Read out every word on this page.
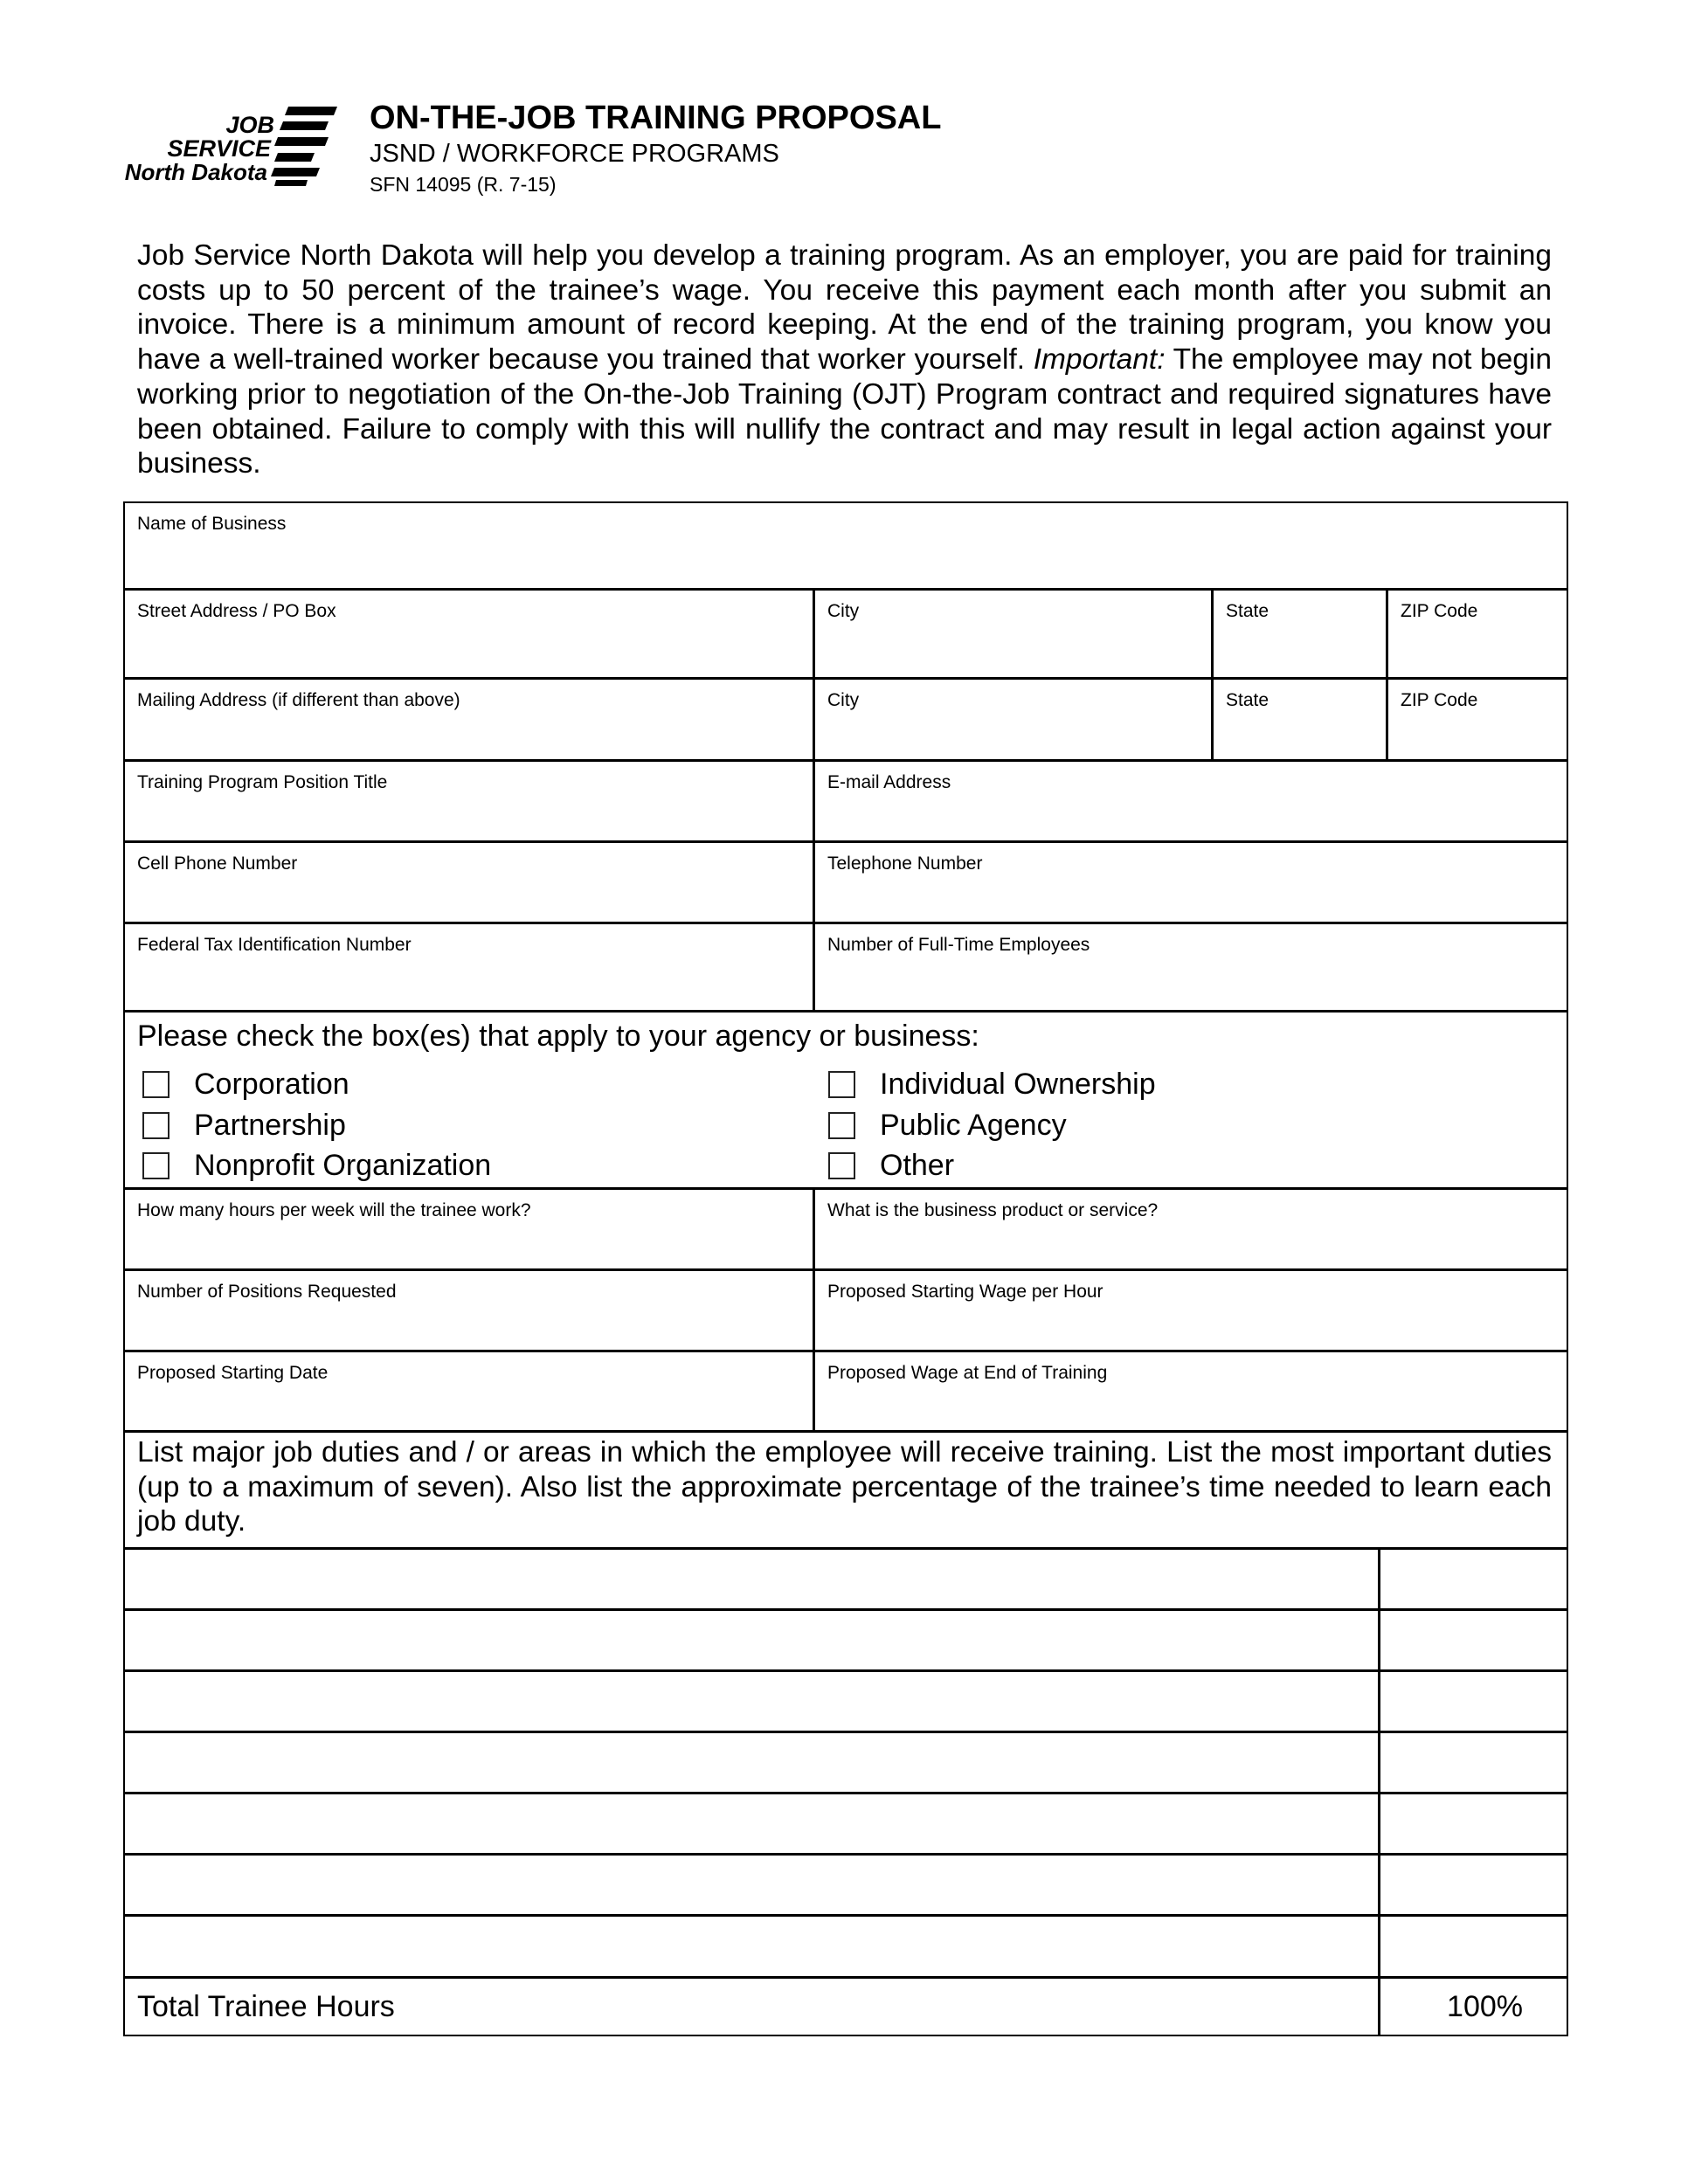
JOB
SERVICE
North Dakota
ON-THE-JOB TRAINING PROPOSAL
JSND / WORKFORCE PROGRAMS
SFN 14095 (R. 7-15)

Job Service North Dakota will help you develop a training program. As an employer, you are paid for training costs up to 50 percent of the trainee’s wage. You receive this payment each month after you submit an invoice. There is a minimum amount of record keeping. At the end of the training program, you know you have a well-trained worker because you trained that worker yourself. Important: The employee may not begin working prior to negotiation of the On-the-Job Training (OJT) Program contract and required signatures have been obtained. Failure to comply with this will nullify the contract and may result in legal action against your business.

Name of Business
Street Address / PO Box	City	State	ZIP Code
Mailing Address (if different than above)	City	State	ZIP Code
Training Program Position Title	E-mail Address
Cell Phone Number	Telephone Number
Federal Tax Identification Number	Number of Full-Time Employees
Please check the box(es) that apply to your agency or business:
Corporation
Partnership
Nonprofit Organization
Individual Ownership
Public Agency
Other
How many hours per week will the trainee work?	What is the business product or service?
Number of Positions Requested	Proposed Starting Wage per Hour
Proposed Starting Date	Proposed Wage at End of Training

List major job duties and / or areas in which the employee will receive training. List the most important duties (up to a maximum of seven). Also list the approximate percentage of the trainee’s time needed to learn each job duty.

Total Trainee Hours	100%
